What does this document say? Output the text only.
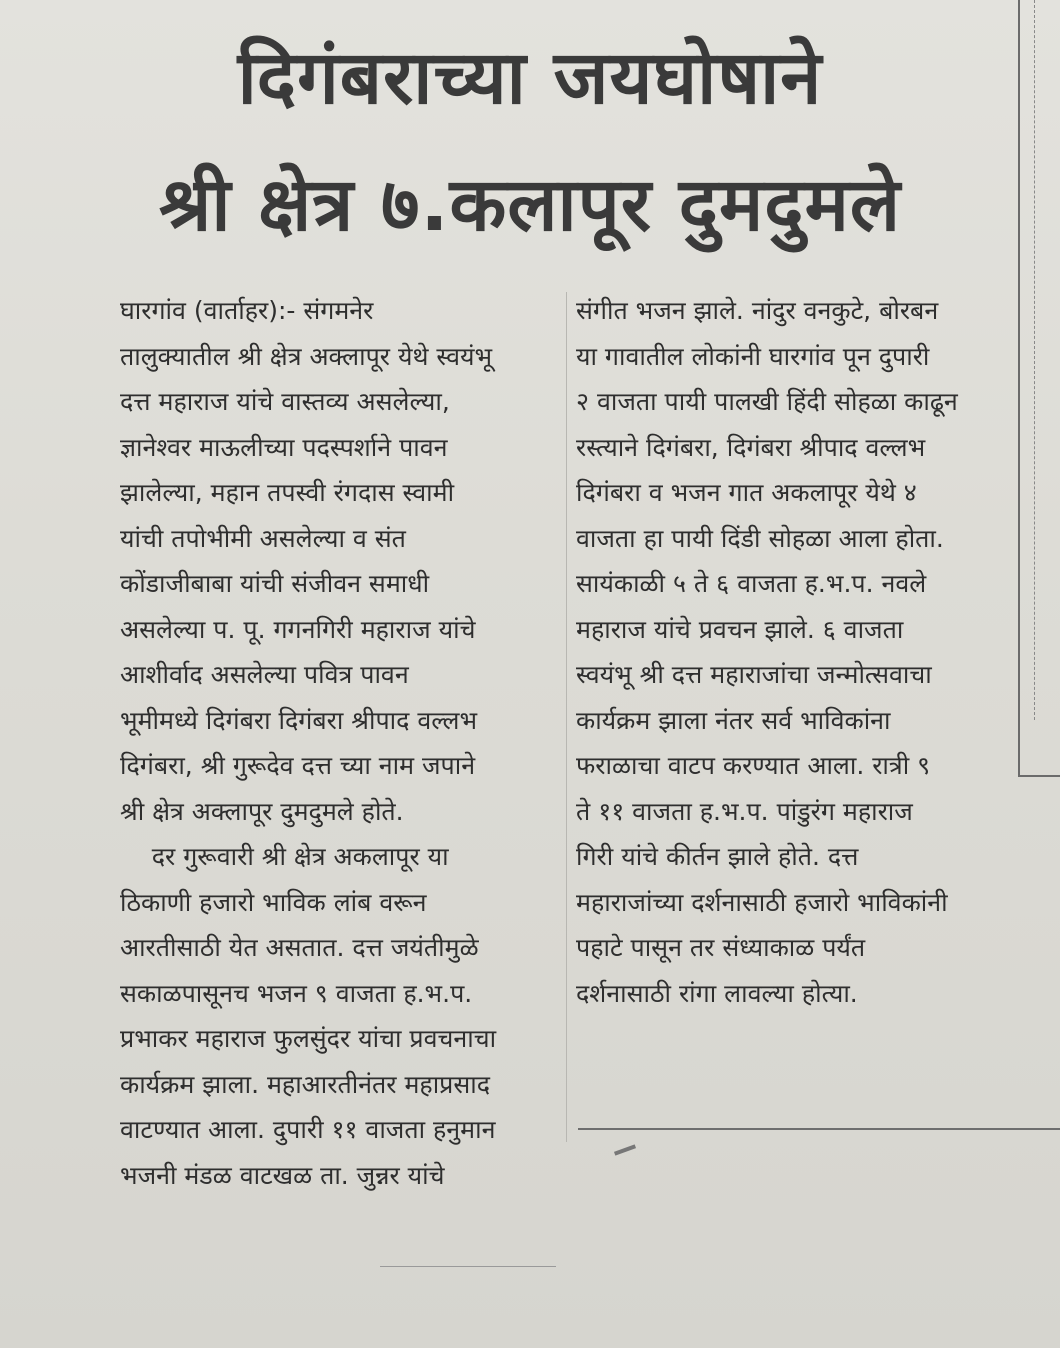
दिगंबराच्या जयघोषाने
श्री क्षेत्र ७.कलापूर दुमदुमले
घारगांव (वार्ताहर):- संगमनेर
तालुक्यातील श्री क्षेत्र अक्लापूर येथे स्वयंभू
दत्त महाराज यांचे वास्तव्य असलेल्या,
ज्ञानेश्वर माऊलीच्या पदस्पर्शाने पावन
झालेल्या, महान तपस्वी रंगदास स्वामी
यांची तपोभीमी असलेल्या व संत
कोंडाजीबाबा यांची संजीवन समाधी
असलेल्या प. पू. गगनगिरी महाराज यांचे
आशीर्वाद असलेल्या पवित्र पावन
भूमीमध्ये दिगंबरा दिगंबरा श्रीपाद वल्लभ
दिगंबरा, श्री गुरूदेव दत्त च्या नाम जपाने
श्री क्षेत्र अक्लापूर दुमदुमले होते.
दर गुरूवारी श्री क्षेत्र अकलापूर या
ठिकाणी हजारो भाविक लांब वरून
आरतीसाठी येत असतात. दत्त जयंतीमुळे
सकाळपासूनच भजन ९ वाजता ह.भ.प.
प्रभाकर महाराज फुलसुंदर यांचा प्रवचनाचा
कार्यक्रम झाला. महाआरतीनंतर महाप्रसाद
वाटण्यात आला. दुपारी ११ वाजता हनुमान
भजनी मंडळ वाटखळ ता. जुन्नर यांचे
संगीत भजन झाले. नांदुर वनकुटे, बोरबन
या गावातील लोकांनी घारगांव पून दुपारी
२ वाजता पायी पालखी हिंदी सोहळा काढून
रस्त्याने दिगंबरा, दिगंबरा श्रीपाद वल्लभ
दिगंबरा व भजन गात अकलापूर येथे ४
वाजता हा पायी दिंडी सोहळा आला होता.
सायंकाळी ५ ते ६ वाजता ह.भ.प. नवले
महाराज यांचे प्रवचन झाले. ६ वाजता
स्वयंभू श्री दत्त महाराजांचा जन्मोत्सवाचा
कार्यक्रम झाला नंतर सर्व भाविकांना
फराळाचा वाटप करण्यात आला. रात्री ९
ते ११ वाजता ह.भ.प. पांडुरंग महाराज
गिरी यांचे कीर्तन झाले होते. दत्त
महाराजांच्या दर्शनासाठी हजारो भाविकांनी
पहाटे पासून तर संध्याकाळ पर्यंत
दर्शनासाठी रांगा लावल्या होत्या.
